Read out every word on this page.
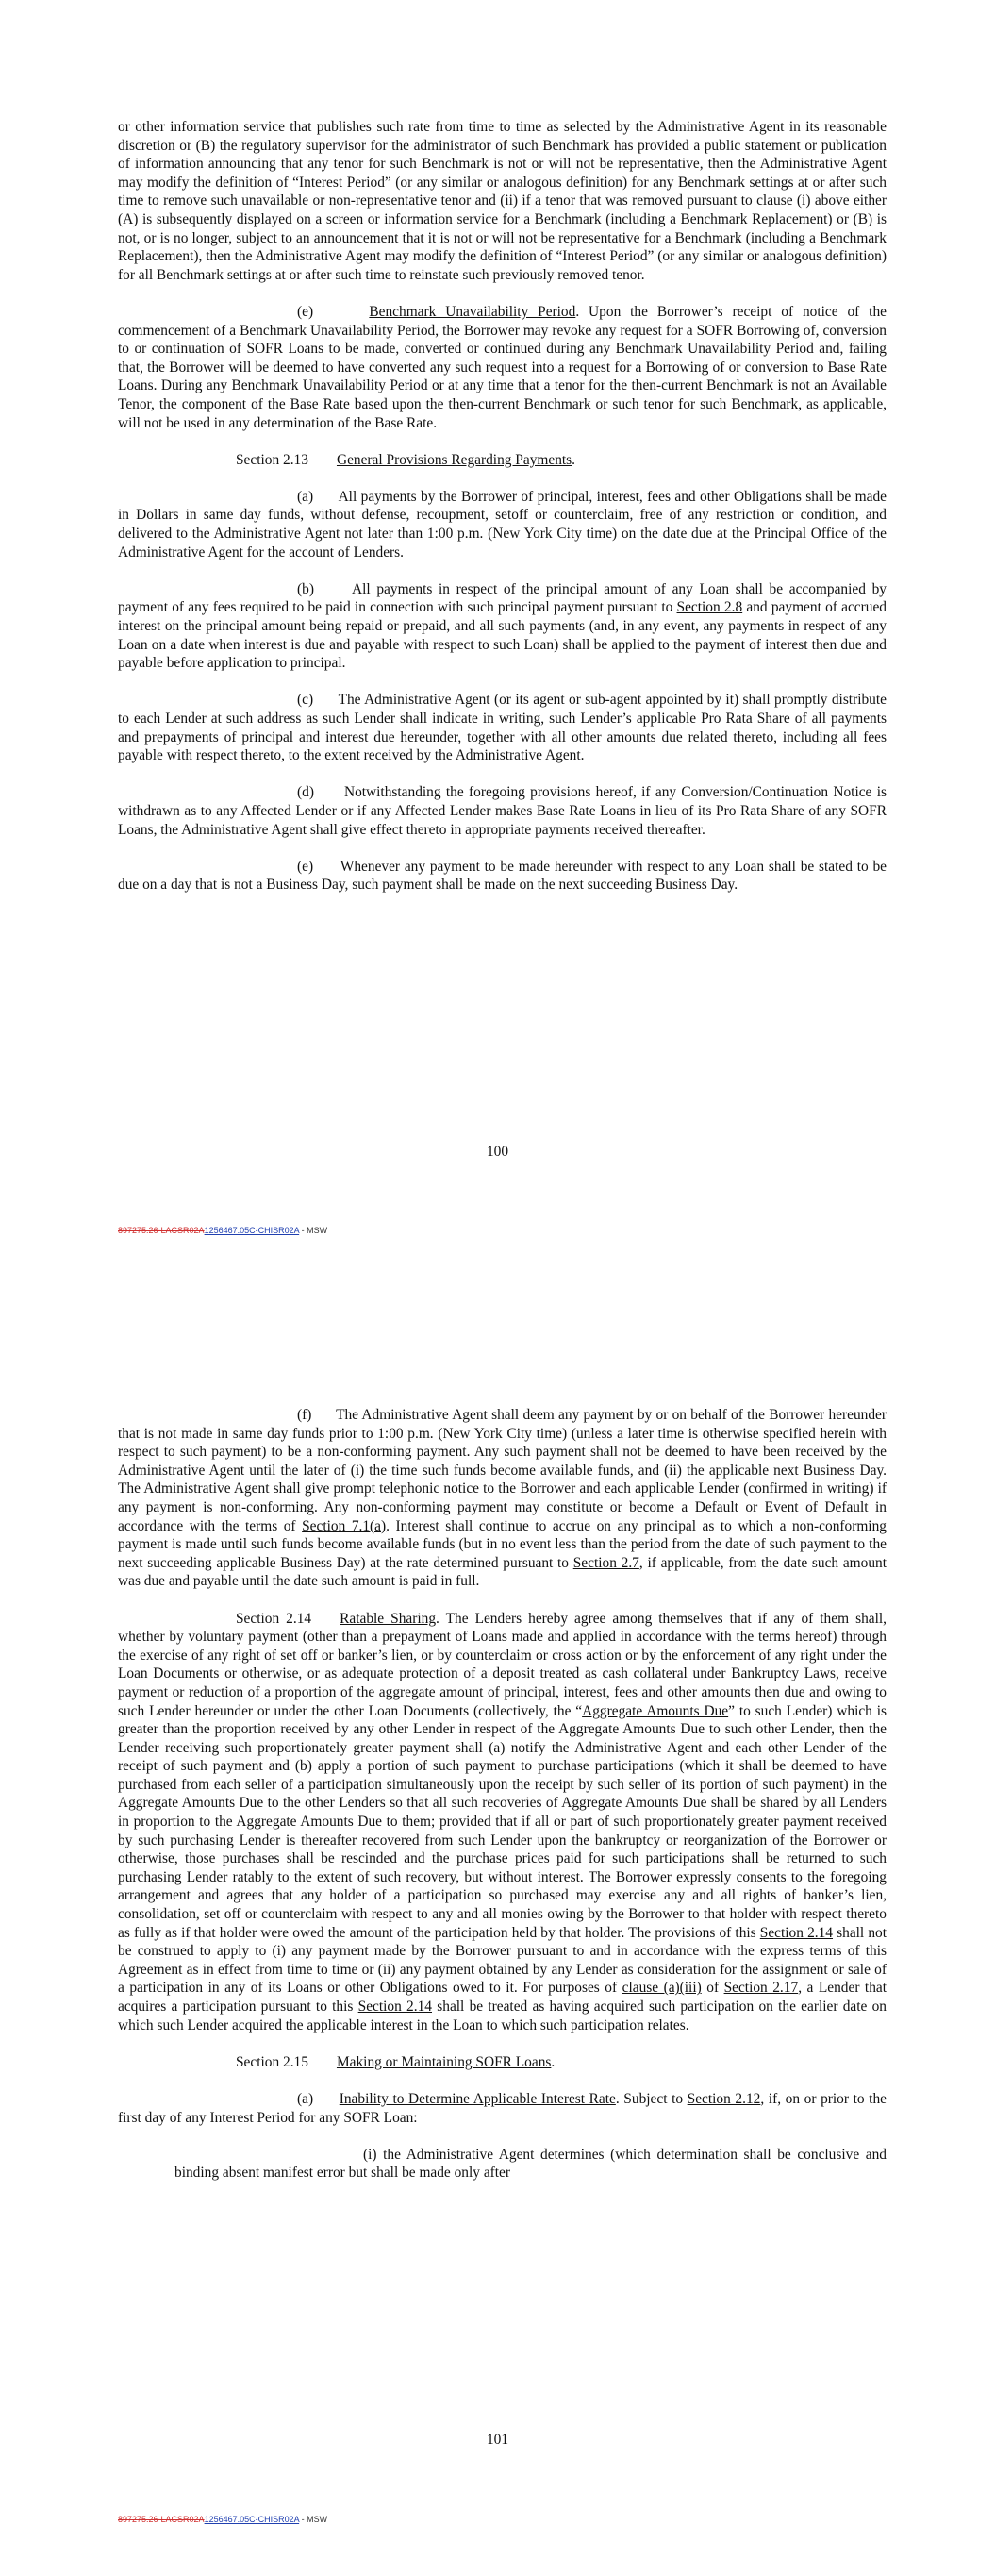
or other information service that publishes such rate from time to time as selected by the Administrative Agent in its reasonable discretion or (B) the regulatory supervisor for the administrator of such Benchmark has provided a public statement or publication of information announcing that any tenor for such Benchmark is not or will not be representative, then the Administrative Agent may modify the definition of “Interest Period” (or any similar or analogous definition) for any Benchmark settings at or after such time to remove such unavailable or non-representative tenor and (ii) if a tenor that was removed pursuant to clause (i) above either (A) is subsequently displayed on a screen or information service for a Benchmark (including a Benchmark Replacement) or (B) is not, or is no longer, subject to an announcement that it is not or will not be representative for a Benchmark (including a Benchmark Replacement), then the Administrative Agent may modify the definition of “Interest Period” (or any similar or analogous definition) for all Benchmark settings at or after such time to reinstate such previously removed tenor.

(e)	Benchmark Unavailability Period. Upon the Borrower’s receipt of notice of the commencement of a Benchmark Unavailability Period, the Borrower may revoke any request for a SOFR Borrowing of, conversion to or continuation of SOFR Loans to be made, converted or continued during any Benchmark Unavailability Period and, failing that, the Borrower will be deemed to have converted any such request into a request for a Borrowing of or conversion to Base Rate Loans. During any Benchmark Unavailability Period or at any time that a tenor for the then-current Benchmark is not an Available Tenor, the component of the Base Rate based upon the then-current Benchmark or such tenor for such Benchmark, as applicable, will not be used in any determination of the Base Rate.

Section 2.13 General Provisions Regarding Payments.

(a) All payments by the Borrower of principal, interest, fees and other Obligations shall be made in Dollars in same day funds, without defense, recoupment, setoff or counterclaim, free of any restriction or condition, and delivered to the Administrative Agent not later than 1:00 p.m. (New York City time) on the date due at the Principal Office of the Administrative Agent for the account of Lenders.

(b)	All payments in respect of the principal amount of any Loan shall be accompanied by payment of any fees required to be paid in connection with such principal payment pursuant to Section 2.8 and payment of accrued interest on the principal amount being repaid or prepaid, and all such payments (and, in any event, any payments in respect of any Loan on a date when interest is due and payable with respect to such Loan) shall be applied to the payment of interest then due and payable before application to principal.

(c) The Administrative Agent (or its agent or sub-agent appointed by it) shall promptly distribute to each Lender at such address as such Lender shall indicate in writing, such Lender’s applicable Pro Rata Share of all payments and prepayments of principal and interest due hereunder, together with all other amounts due related thereto, including all fees payable with respect thereto, to the extent received by the Administrative Agent.

(d) Notwithstanding the foregoing provisions hereof, if any Conversion/Continuation Notice is withdrawn as to any Affected Lender or if any Affected Lender makes Base Rate Loans in lieu of its Pro Rata Share of any SOFR Loans, the Administrative Agent shall give effect thereto in appropriate payments received thereafter.

(e) Whenever any payment to be made hereunder with respect to any Loan shall be stated to be due on a day that is not a Business Day, such payment shall be made on the next succeeding Business Day.

100
897275.26-LACSR02A1256467.05C-CHISR02A - MSW

(f) The Administrative Agent shall deem any payment by or on behalf of the Borrower hereunder that is not made in same day funds prior to 1:00 p.m. (New York City time) (unless a later time is otherwise specified herein with respect to such payment) to be a non-conforming payment. Any such payment shall not be deemed to have been received by the Administrative Agent until the later of (i) the time such funds become available funds, and (ii) the applicable next Business Day. The Administrative Agent shall give prompt telephonic notice to the Borrower and each applicable Lender (confirmed in writing) if any payment is non-conforming. Any non-conforming payment may constitute or become a Default or Event of Default in accordance with the terms of Section 7.1(a). Interest shall continue to accrue on any principal as to which a non-conforming payment is made until such funds become available funds (but in no event less than the period from the date of such payment to the next succeeding applicable Business Day) at the rate determined pursuant to Section 2.7, if applicable, from the date such amount was due and payable until the date such amount is paid in full.

Section 2.14 Ratable Sharing. The Lenders hereby agree among themselves that if any of them shall, whether by voluntary payment (other than a prepayment of Loans made and applied in accordance with the terms hereof) through the exercise of any right of set off or banker’s lien, or by counterclaim or cross action or by the enforcement of any right under the Loan Documents or otherwise, or as adequate protection of a deposit treated as cash collateral under Bankruptcy Laws, receive payment or reduction of a proportion of the aggregate amount of principal, interest, fees and other amounts then due and owing to such Lender hereunder or under the other Loan Documents (collectively, the “Aggregate Amounts Due” to such Lender) which is greater than the proportion received by any other Lender in respect of the Aggregate Amounts Due to such other Lender, then the Lender receiving such proportionately greater payment shall (a) notify the Administrative Agent and each other Lender of the receipt of such payment and (b) apply a portion of such payment to purchase participations (which it shall be deemed to have purchased from each seller of a participation simultaneously upon the receipt by such seller of its portion of such payment) in the Aggregate Amounts Due to the other Lenders so that all such recoveries of Aggregate Amounts Due shall be shared by all Lenders in proportion to the Aggregate Amounts Due to them; provided that if all or part of such proportionately greater payment received by such purchasing Lender is thereafter recovered from such Lender upon the bankruptcy or reorganization of the Borrower or otherwise, those purchases shall be rescinded and the purchase prices paid for such participations shall be returned to such purchasing Lender ratably to the extent of such recovery, but without interest. The Borrower expressly consents to the foregoing arrangement and agrees that any holder of a participation so purchased may exercise any and all rights of banker’s lien, consolidation, set off or counterclaim with respect to any and all monies owing by the Borrower to that holder with respect thereto as fully as if that holder were owed the amount of the participation held by that holder. The provisions of this Section 2.14 shall not be construed to apply to (i) any payment made by the Borrower pursuant to and in accordance with the express terms of this Agreement as in effect from time to time or (ii) any payment obtained by any Lender as consideration for the assignment or sale of a participation in any of its Loans or other Obligations owed to it. For purposes of clause (a)(iii) of Section 2.17, a Lender that acquires a participation pursuant to this Section 2.14 shall be treated as having acquired such participation on the earlier date on which such Lender acquired the applicable interest in the Loan to which such participation relates.

Section 2.15 Making or Maintaining SOFR Loans.

(a) Inability to Determine Applicable Interest Rate. Subject to Section 2.12, if, on or prior to the first day of any Interest Period for any SOFR Loan:

(i) the Administrative Agent determines (which determination shall be conclusive and binding absent manifest error but shall be made only after

101
897275.26-LACSR02A1256467.05C-CHISR02A - MSW
